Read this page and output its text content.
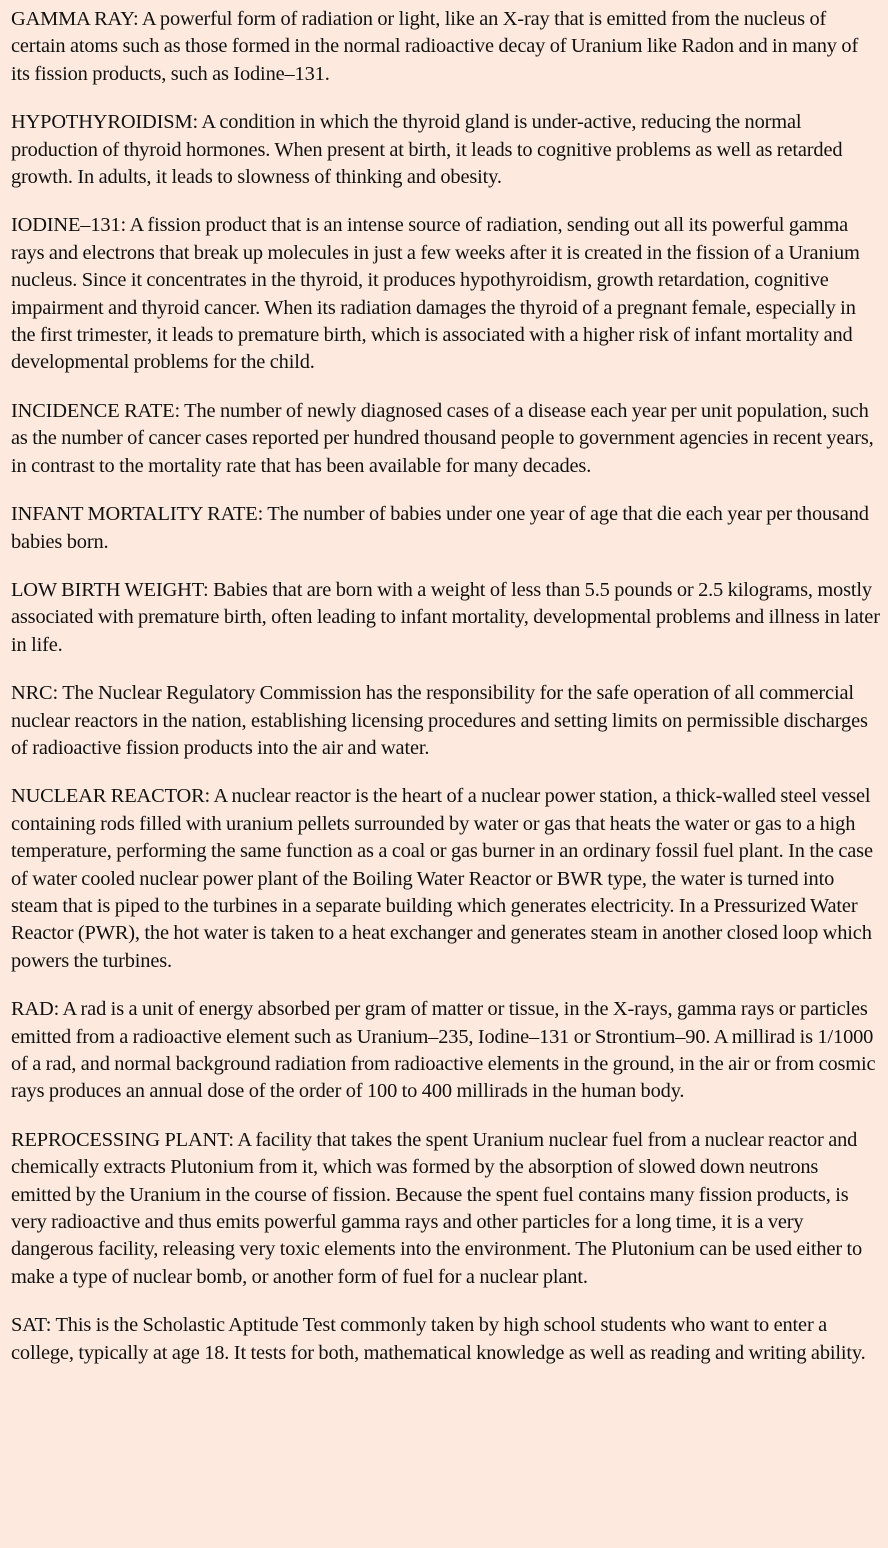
GAMMA RAY: A powerful form of radiation or light, like an X-ray that is emitted from the nucleus of certain atoms such as those formed in the normal radioactive decay of Uranium like Radon and in many of its fission products, such as Iodine–131.

HYPOTHYROIDISM: A condition in which the thyroid gland is under-active, reducing the normal production of thyroid hormones. When present at birth, it leads to cognitive problems as well as retarded growth. In adults, it leads to slowness of thinking and obesity.

IODINE–131: A fission product that is an intense source of radiation, sending out all its powerful gamma rays and electrons that break up molecules in just a few weeks after it is created in the fission of a Uranium nucleus. Since it concentrates in the thyroid, it produces hypothyroidism, growth retardation, cognitive impairment and thyroid cancer. When its radiation damages the thyroid of a pregnant female, especially in the first trimester, it leads to premature birth, which is associated with a higher risk of infant mortality and developmental problems for the child.

INCIDENCE RATE: The number of newly diagnosed cases of a disease each year per unit population, such as the number of cancer cases reported per hundred thousand people to government agencies in recent years, in contrast to the mortality rate that has been available for many decades.

INFANT MORTALITY RATE: The number of babies under one year of age that die each year per thousand babies born.

LOW BIRTH WEIGHT: Babies that are born with a weight of less than 5.5 pounds or 2.5 kilograms, mostly associated with premature birth, often leading to infant mortality, developmental problems and illness in later in life.

NRC: The Nuclear Regulatory Commission has the responsibility for the safe operation of all commercial nuclear reactors in the nation, establishing licensing procedures and setting limits on permissible discharges of radioactive fission products into the air and water.

NUCLEAR REACTOR: A nuclear reactor is the heart of a nuclear power station, a thick-walled steel vessel containing rods filled with uranium pellets surrounded by water or gas that heats the water or gas to a high temperature, performing the same function as a coal or gas burner in an ordinary fossil fuel plant. In the case of water cooled nuclear power plant of the Boiling Water Reactor or BWR type, the water is turned into steam that is piped to the turbines in a separate building which generates electricity. In a Pressurized Water Reactor (PWR), the hot water is taken to a heat exchanger and generates steam in another closed loop which powers the turbines.

RAD: A rad is a unit of energy absorbed per gram of matter or tissue, in the X-rays, gamma rays or particles emitted from a radioactive element such as Uranium–235, Iodine–131 or Strontium–90. A millirad is 1/1000 of a rad, and normal background radiation from radioactive elements in the ground, in the air or from cosmic rays produces an annual dose of the order of 100 to 400 millirads in the human body.

REPROCESSING PLANT: A facility that takes the spent Uranium nuclear fuel from a nuclear reactor and chemically extracts Plutonium from it, which was formed by the absorption of slowed down neutrons emitted by the Uranium in the course of fission. Because the spent fuel contains many fission products, is very radioactive and thus emits powerful gamma rays and other particles for a long time, it is a very dangerous facility, releasing very toxic elements into the environment. The Plutonium can be used either to make a type of nuclear bomb, or another form of fuel for a nuclear plant.

SAT: This is the Scholastic Aptitude Test commonly taken by high school students who want to enter a college, typically at age 18. It tests for both, mathematical knowledge as well as reading and writing ability.
